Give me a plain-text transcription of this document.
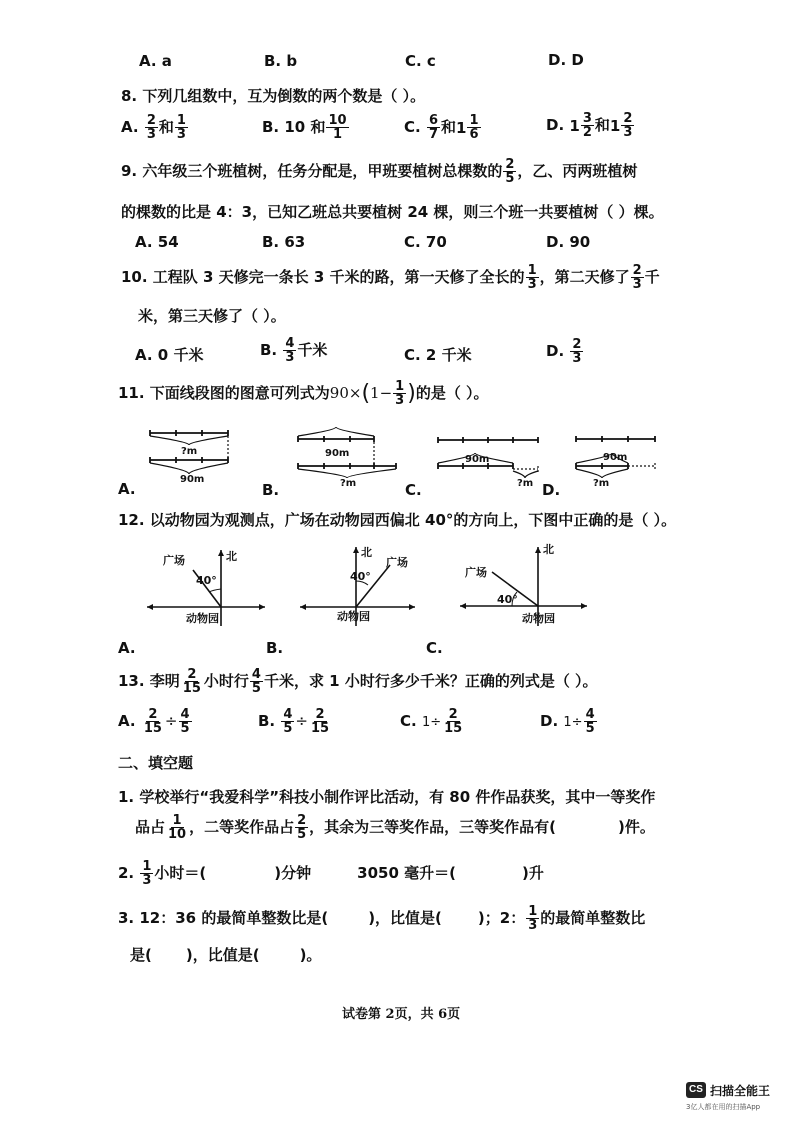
A. a	B. b	C. c	D. D
8. 下列几组数中，互为倒数的两个数是（ ）。
A. $\frac{2}{3}$ 和 $\frac{1}{3}$	B. 10 和 $\frac{10}{1}$	C. $\frac{6}{7}$ 和 $1 \frac{1}{6}$	D. $1 \frac{3}{2}$ 和 $1 \frac{2}{3}$
9. 六年级三个班植树，任务分配是，甲班要植树总棵数的 $\frac{2}{5}$ ，乙、丙两班植树
的棵数的比是 4：3，已知乙班总共要植树 24 棵，则三个班一共要植树（ ）棵。
A. 54	B. 63	C. 70	D. 90
10. 工程队 3 天修完一条长 3 千米的路，第一天修了全长的 $\frac{1}{3}$ ，第二天修了 $\frac{2}{3}$ 千
米，第三天修了（ ）。
A. 0 千米	B. $\frac{4}{3}$ 千米	C. 2 千米	D. $\frac{2}{3}$
11. 下面线段图的图意可列式为$90\times(1- \frac{1}{3}$ )的是（ ）。
?m
90m
90m
?m
90m
?m
90m
?m
A.	B.	C.	D.
12. 以动物园为观测点，广场在动物园西偏北 40°的方向上，下图中正确的是（ ）。
北
广场
40°
动物园
北
广场
40°
动物园
北
广场
40°
动物园
A.	B.	C.
13. 李明 $\frac{2}{15}$ 小时行 $\frac{4}{5}$ 千米，求 1 小时行多少千米？正确的列式是（ ）。
A. $\frac{2}{15} \div \frac{4}{5}$	B. $\frac{4}{5} \div \frac{2}{15}$	C. $1\div \frac{2}{15}$	D. $1\div \frac{4}{5}$
二、填空题
1. 学校举行“我爱科学”科技小制作评比活动，有 80 件作品获奖，其中一等奖作
品占 $\frac{1}{10}$ ，二等奖作品占 $\frac{2}{5}$ ，其余为三等奖作品，三等奖作品有(	)件。
2. $\frac{1}{3}$ 小时＝(	)分钟	3050 毫升＝(	)升
3. 12：36 的最简单整数比是(	)，比值是( )；2： $\frac{1}{3}$ 的最简单整数比
是( )，比值是(	)。
试卷第 2页，共 6页
CS 扫描全能王
3亿人都在用的扫描App
